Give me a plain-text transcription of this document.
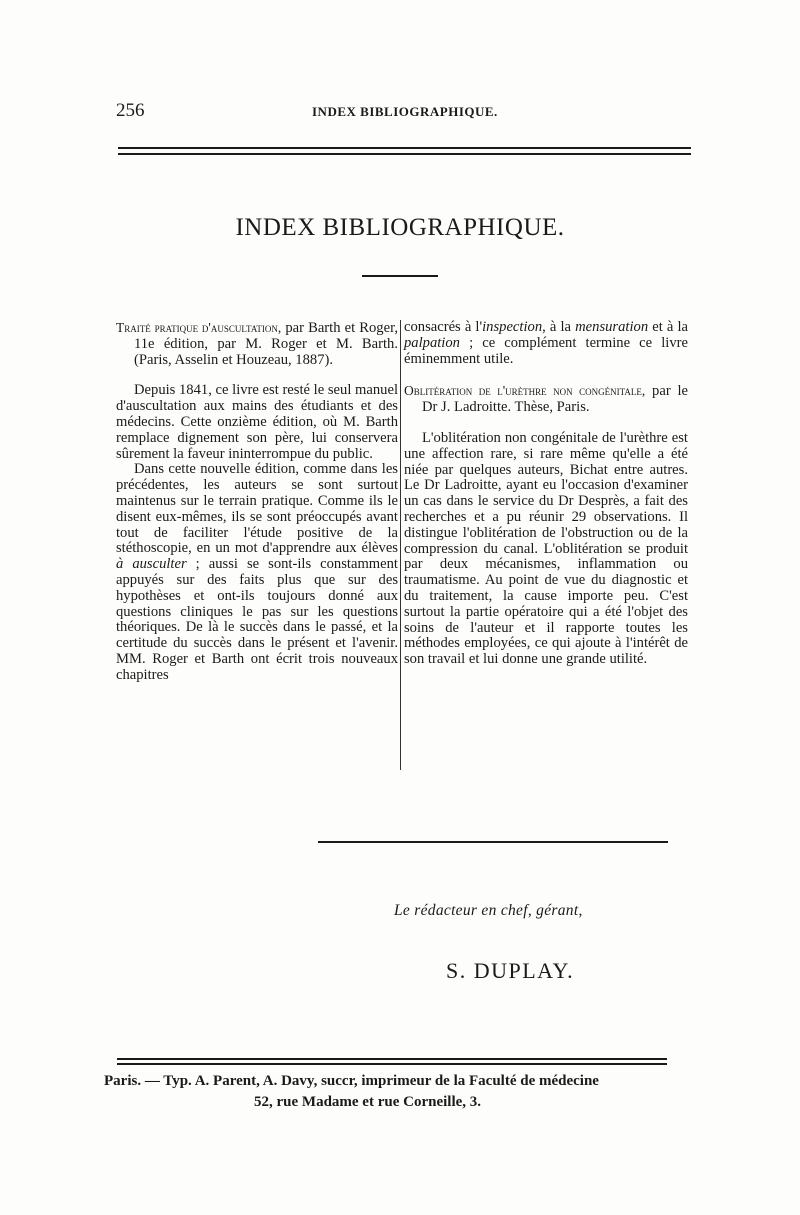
256	INDEX BIBLIOGRAPHIQUE.
INDEX BIBLIOGRAPHIQUE.

Traité pratique d'auscultation, par Barth et Roger, 11e édition, par M. Roger et M. Barth. (Paris, Asselin et Houzeau, 1887).

Depuis 1841, ce livre est resté le seul manuel d'auscultation aux mains des étudiants et des médecins. Cette onzième édition, où M. Barth remplace dignement son père, lui conservera sûrement la faveur ininterrompue du public.

Dans cette nouvelle édition, comme dans les précédentes, les auteurs se sont surtout maintenus sur le terrain pratique. Comme ils le disent eux-mêmes, ils se sont préoccupés avant tout de faciliter l'étude positive de la stéthoscopie, en un mot d'apprendre aux élèves à ausculter ; aussi se sont-ils constamment appuyés sur des faits plus que sur des hypothèses et ont-ils toujours donné aux questions cliniques le pas sur les questions théoriques. De là le succès dans le passé, et la certitude du succès dans le présent et l'avenir. MM. Roger et Barth ont écrit trois nouveaux chapitres

consacrés à l'inspection, à la mensuration et à la palpation ; ce complément termine ce livre éminemment utile.

Oblitération de l'urèthre non congénitale, par le Dr J. Ladroitte. Thèse, Paris.

L'oblitération non congénitale de l'urèthre est une affection rare, si rare même qu'elle a été niée par quelques auteurs, Bichat entre autres. Le Dr Ladroitte, ayant eu l'occasion d'examiner un cas dans le service du Dr Desprès, a fait des recherches et a pu réunir 29 observations. Il distingue l'oblitération de l'obstruction ou de la compression du canal. L'oblitération se produit par deux mécanismes, inflammation ou traumatisme. Au point de vue du diagnostic et du traitement, la cause importe peu. C'est surtout la partie opératoire qui a été l'objet des soins de l'auteur et il rapporte toutes les méthodes employées, ce qui ajoute à l'intérêt de son travail et lui donne une grande utilité.

Le rédacteur en chef, gérant,
S. DUPLAY.
Paris. — Typ. A. Parent, A. Davy, succr, imprimeur de la Faculté de médecine
52, rue Madame et rue Corneille, 3.
